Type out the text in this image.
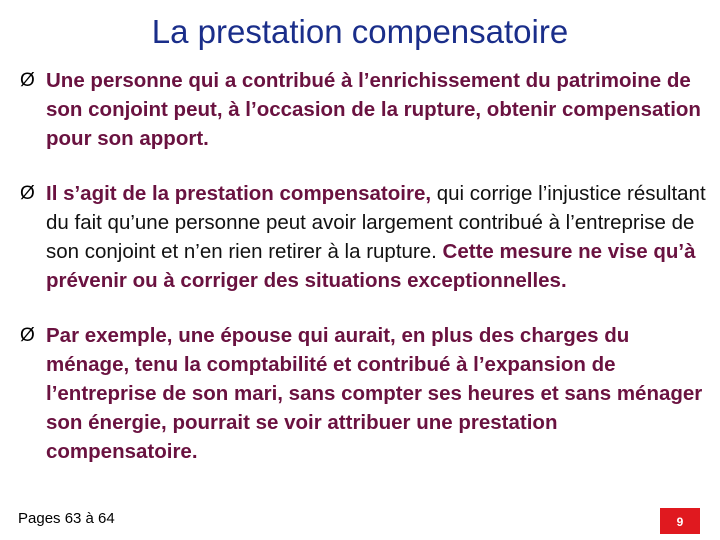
La prestation compensatoire
Ø Une personne qui a contribué à l’enrichissement du patrimoine de son conjoint peut, à l’occasion de la rupture, obtenir compensation pour son apport.
Ø Il s’agit de la prestation compensatoire, qui corrige l’injustice résultant du fait qu’une personne peut avoir largement contribué à l’entreprise de son conjoint et n’en rien retirer à la rupture. Cette mesure ne vise qu’à prévenir ou à corriger des situations exceptionnelles.
Ø Par exemple, une épouse qui aurait, en plus des charges du ménage, tenu la comptabilité et contribué à l’expansion de l’entreprise de son mari, sans compter ses heures et sans ménager son énergie, pourrait se voir attribuer une prestation compensatoire.
Pages 63 à 64	9
